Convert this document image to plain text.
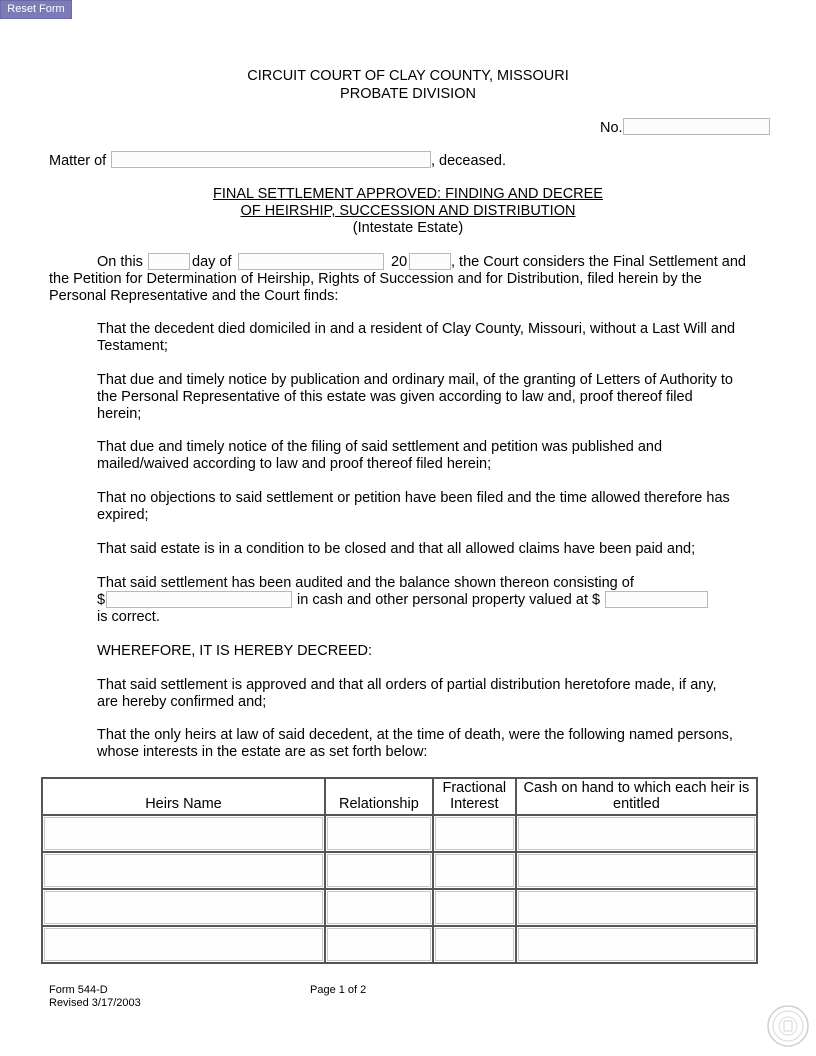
Reset Form
CIRCUIT COURT OF CLAY COUNTY, MISSOURI
PROBATE DIVISION
No.
Matter of	, deceased.
FINAL SETTLEMENT APPROVED: FINDING AND DECREE
OF HEIRSHIP, SUCCESSION AND DISTRIBUTION
(Intestate Estate)
On this	day of	20	, the Court considers the Final Settlement and
the Petition for Determination of Heirship, Rights of Succession and for Distribution, filed herein by the
Personal Representative and the Court finds:
That the decedent died domiciled in and a resident of Clay County, Missouri, without a Last Will and Testament;
That due and timely notice by publication and ordinary mail, of the granting of Letters of Authority to the Personal Representative of this estate was given according to law and, proof thereof filed herein;
That due and timely notice of the filing of said settlement and petition was published and mailed/waived according to law and proof thereof filed herein;
That no objections to said settlement or petition have been filed and the time allowed therefore has expired;
That said estate is in a condition to be closed and that all allowed claims have been paid and;
That said settlement has been audited and the balance shown thereon consisting of
$	in cash and other personal property valued at $
is correct.
WHEREFORE, IT IS HEREBY DECREED:
That said settlement is approved and that all orders of partial distribution heretofore made, if any, are hereby confirmed and;
That the only heirs at law of said decedent, at the time of death, were the following named persons, whose interests in the estate are as set forth below:
Heirs Name	Relationship	Fractional Interest	Cash on hand to which each heir is entitled

Form 544-D
Revised 3/17/2003
Page 1 of 2
